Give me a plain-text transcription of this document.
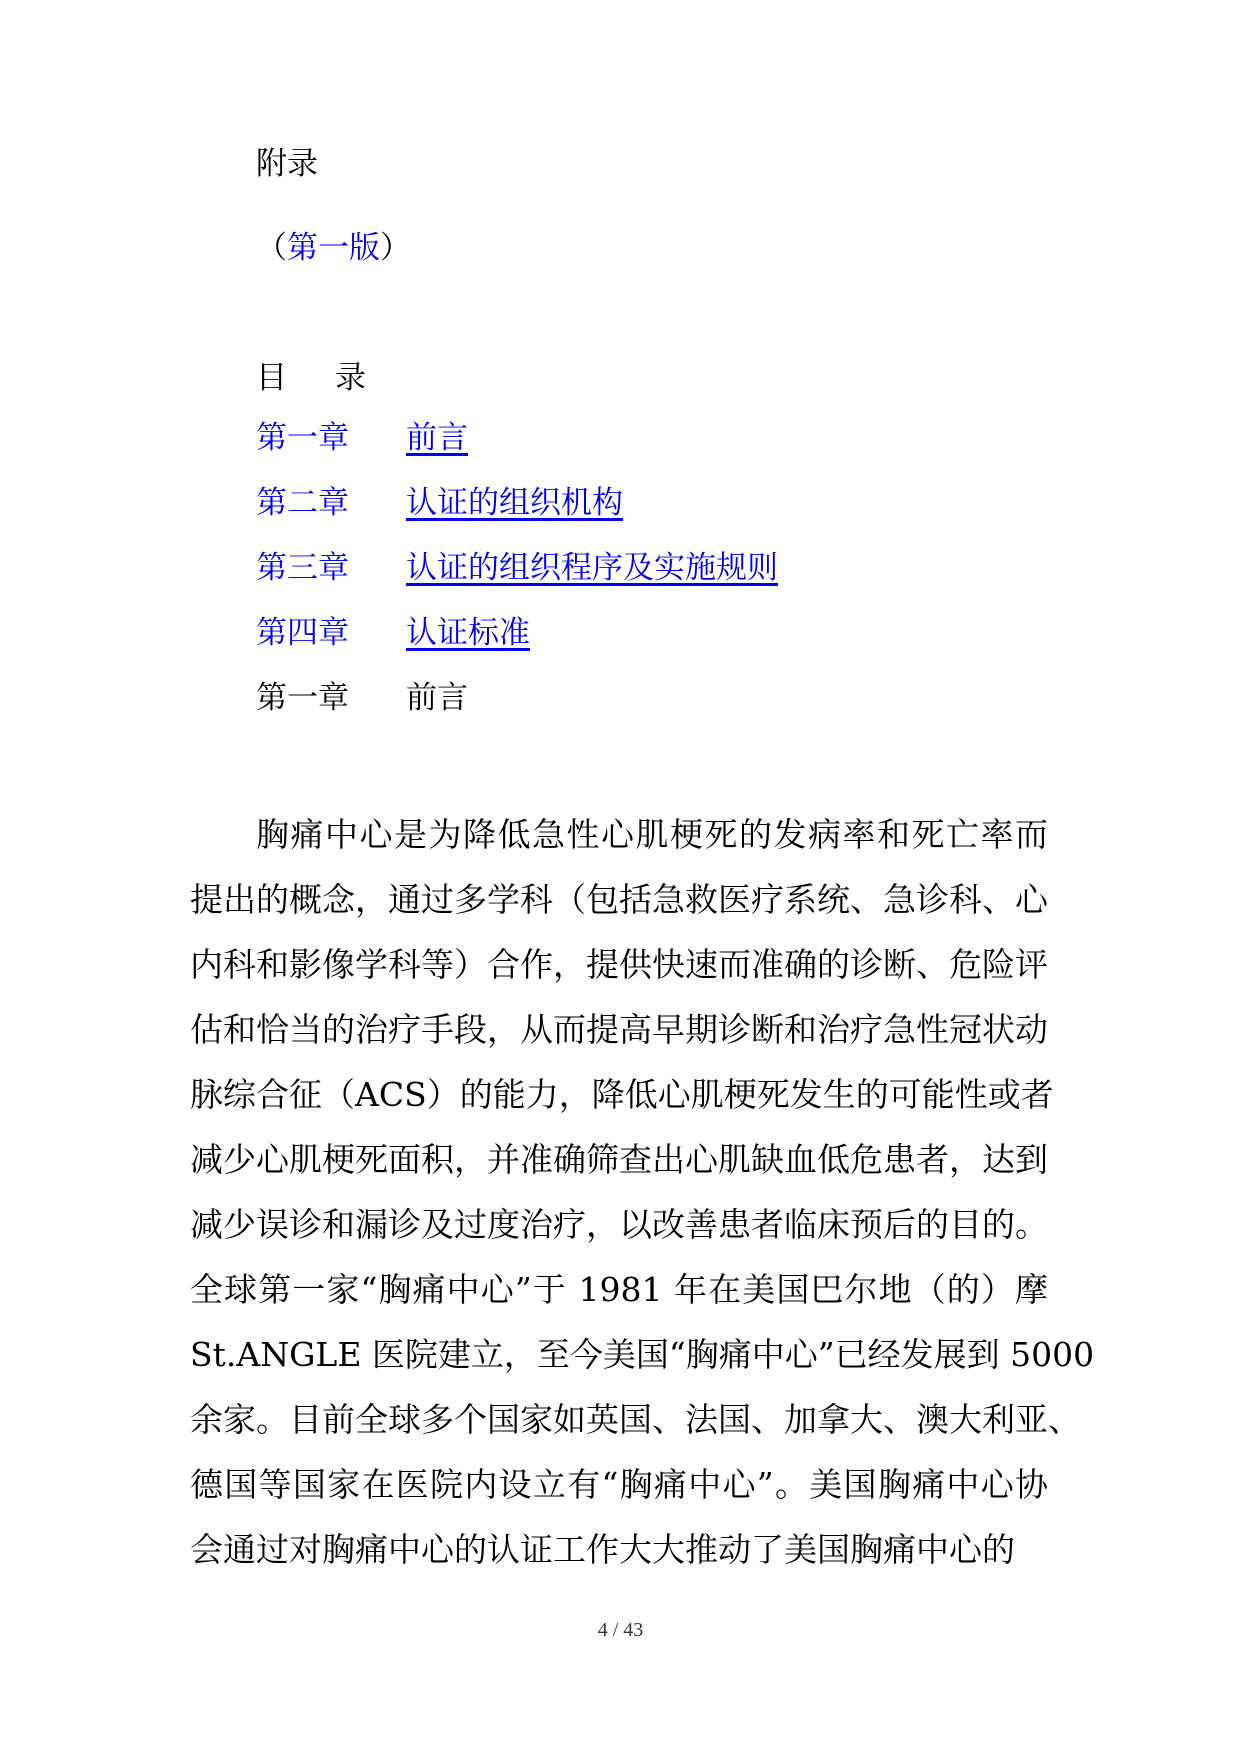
附录
（第一版）
目 录
第一章 前言
第二章 认证的组织机构
第三章 认证的组织程序及实施规则
第四章 认证标准
第一章 前言
胸痛中心是为降低急性心肌梗死的发病率和死亡率而
提出的概念，通过多学科（包括急救医疗系统、急诊科、心
内科和影像学科等）合作，提供快速而准确的诊断、危险评
估和恰当的治疗手段，从而提高早期诊断和治疗急性冠状动
脉综合征（ACS）的能力，降低心肌梗死发生的可能性或者
减少心肌梗死面积，并准确筛查出心肌缺血低危患者，达到
减少误诊和漏诊及过度治疗，以改善患者临床预后的目的。
全球第一家“胸痛中心”于 1981 年在美国巴尔地（的）摩
St.ANGLE 医院建立，至今美国“胸痛中心”已经发展到 5000
余家。目前全球多个国家如英国、法国、加拿大、澳大利亚、
德国等国家在医院内设立有“胸痛中心”。美国胸痛中心协
会通过对胸痛中心的认证工作大大推动了美国胸痛中心的
4 / 43
